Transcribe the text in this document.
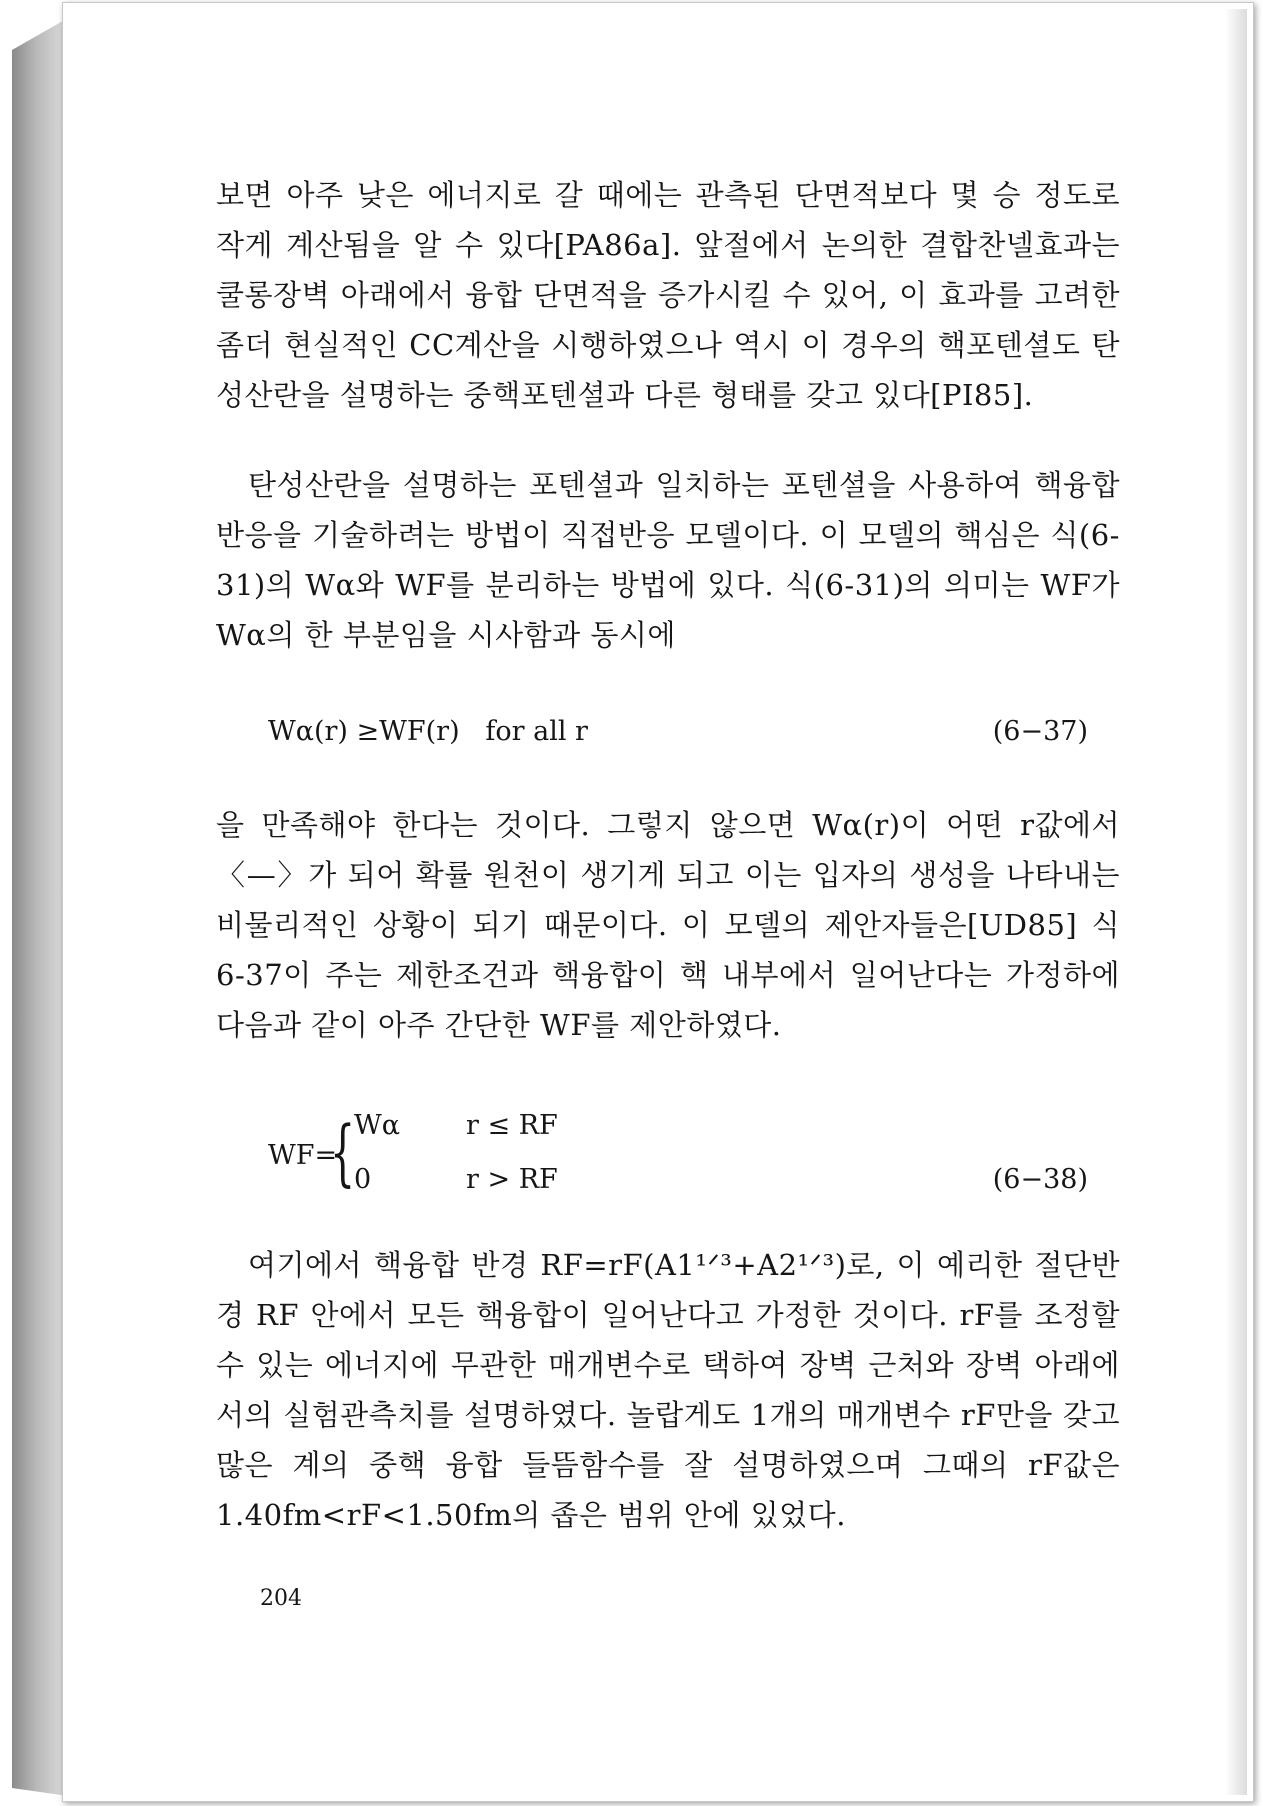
보면 아주 낮은 에너지로 갈 때에는 관측된 단면적보다 몇 승 정도로 작게 계산됨을 알 수 있다[PA86a]. 앞절에서 논의한 결합찬넬효과는 쿨롱장벽 아래에서 융합 단면적을 증가시킬 수 있어, 이 효과를 고려한 좀더 현실적인 CC계산을 시행하였으나 역시 이 경우의 핵포텐셜도 탄성산란을 설명하는 중핵포텐셜과 다른 형태를 갖고 있다[PI85].

탄성산란을 설명하는 포텐셜과 일치하는 포텐셜을 사용하여 핵융합 반응을 기술하려는 방법이 직접반응 모델이다. 이 모델의 핵심은 식(6-31)의 Wα와 WF를 분리하는 방법에 있다. 식(6-31)의 의미는 WF가 Wα의 한 부분임을 시사함과 동시에

Wα(r) ≥WF(r)   for all r	(6−37)

을 만족해야 한다는 것이다. 그렇지 않으면 Wα(r)이 어떤 r값에서 〈—〉가 되어 확률 원천이 생기게 되고 이는 입자의 생성을 나타내는 비물리적인 상황이 되기 때문이다. 이 모델의 제안자들은[UD85] 식 6-37이 주는 제한조건과 핵융합이 핵 내부에서 일어난다는 가정하에 다음과 같이 아주 간단한 WF를 제안하였다.

WF=
{
Wα r ≤ RF
0	r > RF	(6−38)

여기에서 핵융합 반경 RF=rF(A1¹ᐟ³+A2¹ᐟ³)로, 이 예리한 절단반경 RF 안에서 모든 핵융합이 일어난다고 가정한 것이다. rF를 조정할 수 있는 에너지에 무관한 매개변수로 택하여 장벽 근처와 장벽 아래에서의 실험관측치를 설명하였다. 놀랍게도 1개의 매개변수 rF만을 갖고 많은 계의 중핵 융합 들뜸함수를 잘 설명하였으며 그때의 rF값은 1.40fm<rF<1.50fm의 좁은 범위 안에 있었다.

204
